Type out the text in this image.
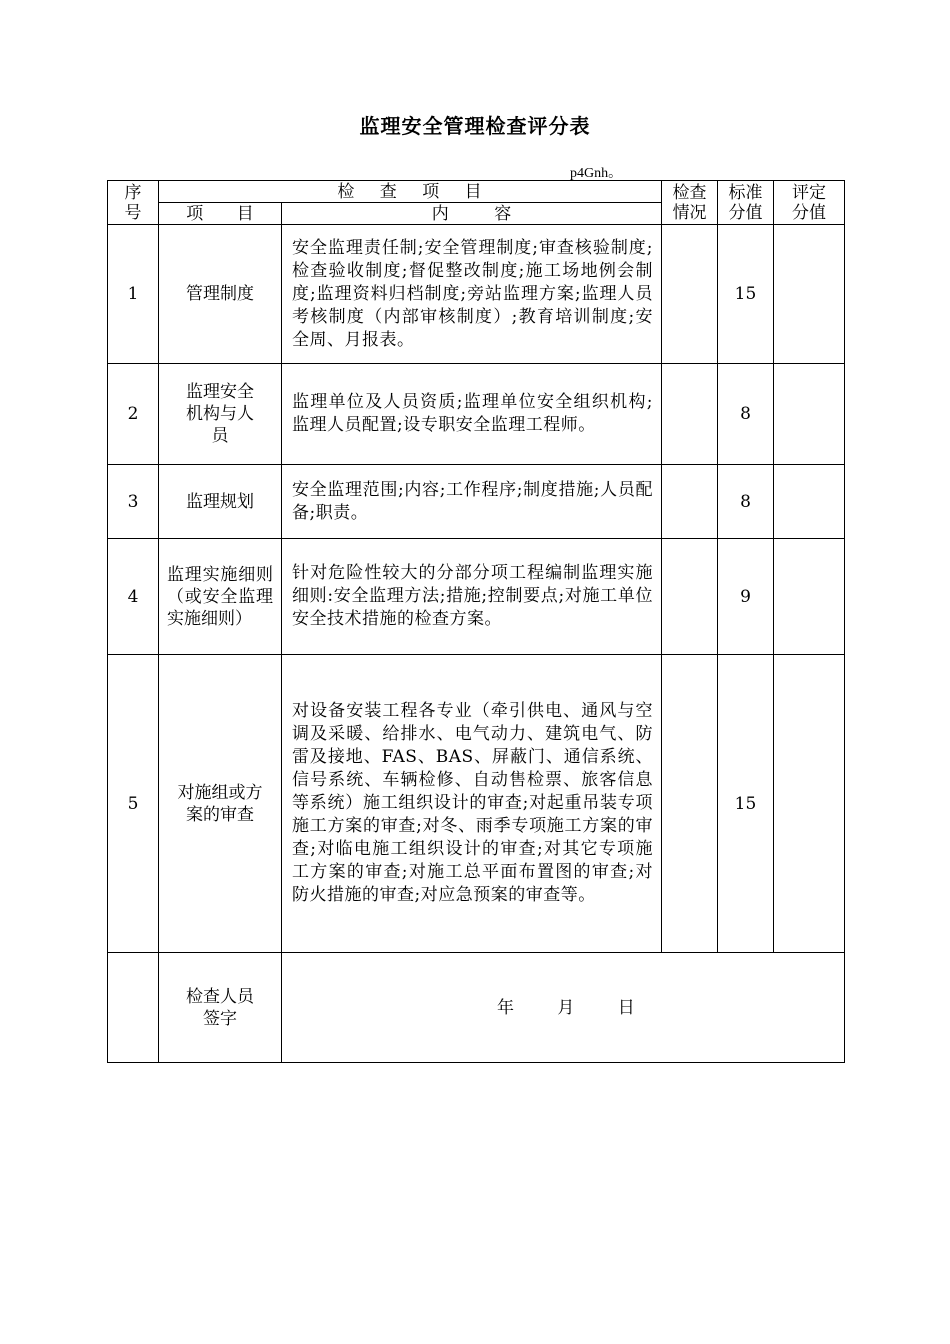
监理安全管理检查评分表
p4Gnh。
序号	检 查 项 目		检查情况	标准分值	评定分值
	项 目	内 容			
1	管理制度	安全监理责任制;安全管理制度;审查核验制度;检查验收制度;督促整改制度;施工场地例会制度;监理资料归档制度;旁站监理方案;监理人员考核制度（内部审核制度）;教育培训制度;安全周、月报表。		15	
2	监理安全机构与人员	监理单位及人员资质;监理单位安全组织机构;监理人员配置;设专职安全监理工程师。		8	
3	监理规划	安全监理范围;内容;工作程序;制度措施;人员配备;职责。		8	
4	监理实施细则（或安全监理实施细则）	针对危险性较大的分部分项工程编制监理实施细则:安全监理方法;措施;控制要点;对施工单位安全技术措施的检查方案。		9	
5	对施组或方案的审查	对设备安装工程各专业（牵引供电、通风与空调及采暖、给排水、电气动力、建筑电气、防雷及接地、FAS、BAS、屏蔽门、通信系统、信号系统、车辆检修、自动售检票、旅客信息等系统）施工组织设计的审查;对起重吊装专项施工方案的审查;对冬、雨季专项施工方案的审查;对临电施工组织设计的审查;对其它专项施工方案的审查;对施工总平面布置图的审查;对防火措施的审查;对应急预案的审查等。		15	
	检查人员签字	年 月 日			
